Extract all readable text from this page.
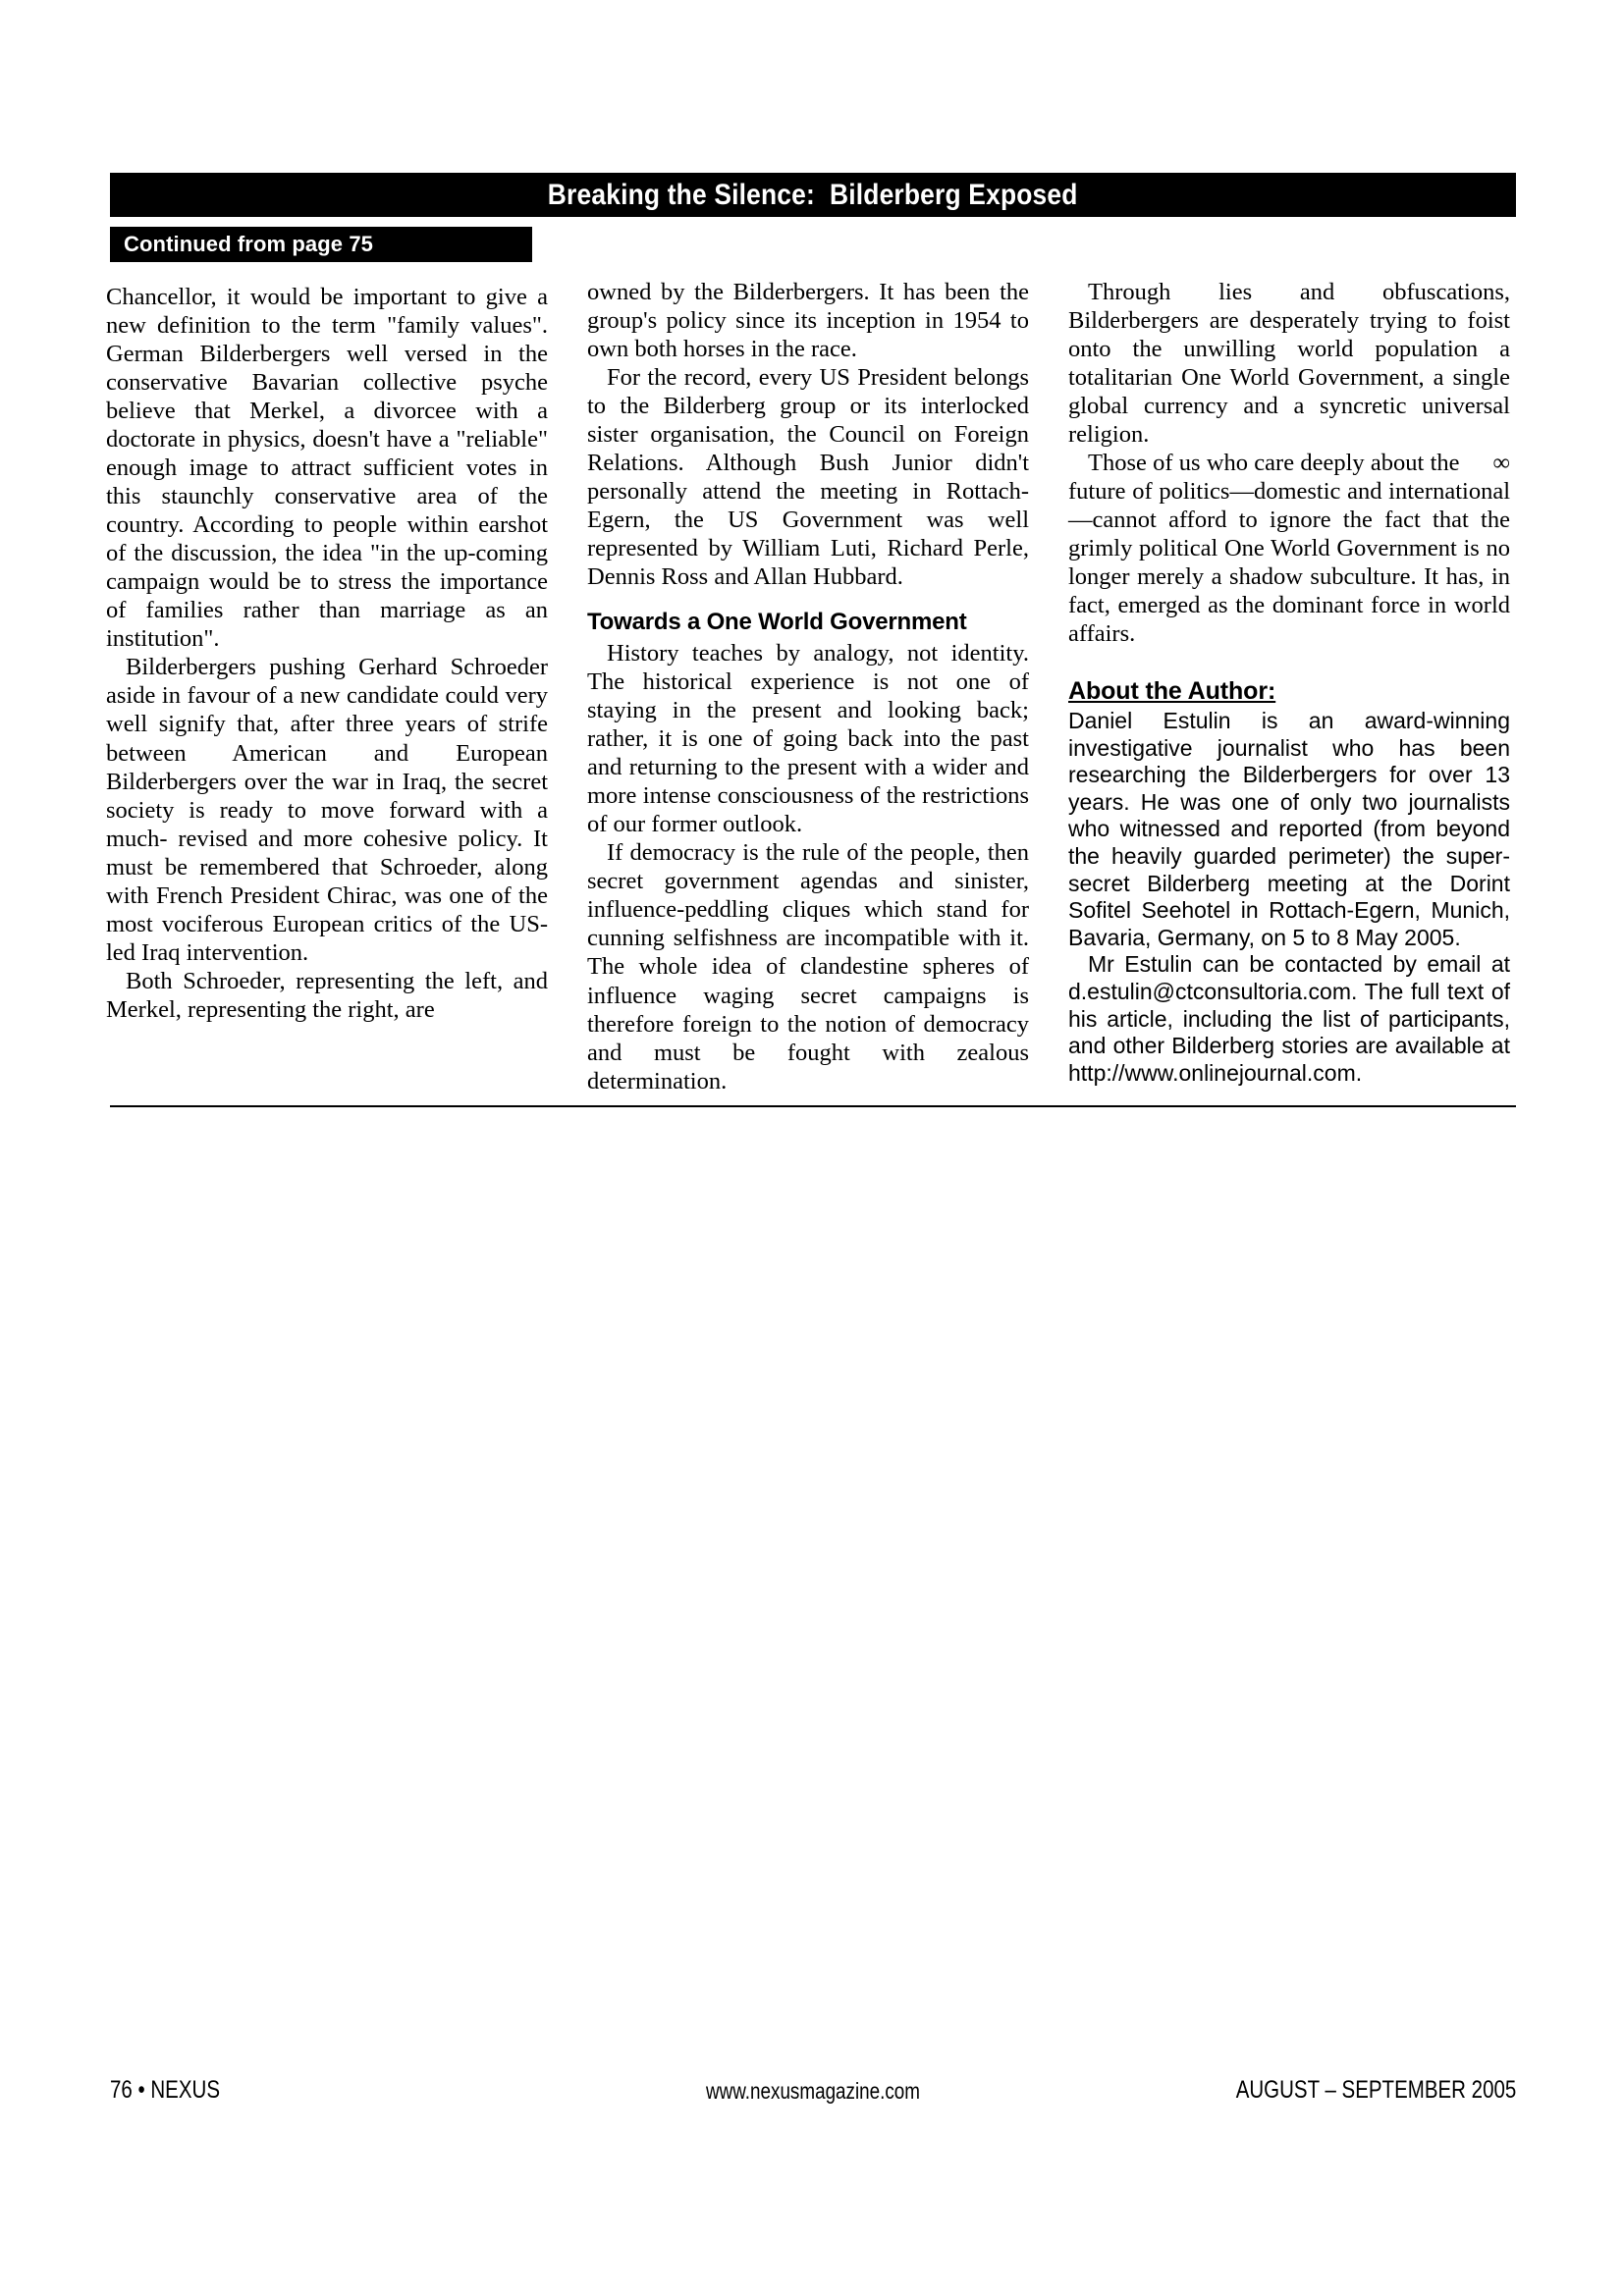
Breaking the Silence:  Bilderberg Exposed
Continued from page 75

Chancellor, it would be important to give a new definition to the term "family values". German Bilderbergers well versed in the conservative Bavarian collective psyche believe that Merkel, a divorcee with a doctorate in physics, doesn't have a "reliable" enough image to attract sufficient votes in this staunchly conservative area of the country. According to people within earshot of the discussion, the idea "in the up-coming campaign would be to stress the importance of families rather than marriage as an institution".

Bilderbergers pushing Gerhard Schroeder aside in favour of a new candidate could very well signify that, after three years of strife between American and European Bilderbergers over the war in Iraq, the secret society is ready to move forward with a much- revised and more cohesive policy. It must be remembered that Schroeder, along with French President Chirac, was one of the most vociferous European critics of the US-led Iraq intervention.

Both Schroeder, representing the left, and Merkel, representing the right, are

owned by the Bilderbergers. It has been the group's policy since its inception in 1954 to own both horses in the race.

For the record, every US President belongs to the Bilderberg group or its interlocked sister organisation, the Council on Foreign Relations. Although Bush Junior didn't personally attend the meeting in Rottach-Egern, the US Government was well represented by William Luti, Richard Perle, Dennis Ross and Allan Hubbard.

Towards a One World Government

History teaches by analogy, not identity. The historical experience is not one of staying in the present and looking back; rather, it is one of going back into the past and returning to the present with a wider and more intense consciousness of the restrictions of our former outlook.

If democracy is the rule of the people, then secret government agendas and sinister, influence-peddling cliques which stand for cunning selfishness are incompatible with it. The whole idea of clandestine spheres of influence waging secret campaigns is therefore foreign to the notion of democracy and must be fought with zealous determination.

Through lies and obfuscations, Bilderbergers are desperately trying to foist onto the unwilling world population a totalitarian One World Government, a single global currency and a syncretic universal religion.

∞
Those of us who care deeply about the future of politics—domestic and international—cannot afford to ignore the fact that the grimly political One World Government is no longer merely a shadow subculture. It has, in fact, emerged as the dominant force in world affairs.

About the Author:

Daniel Estulin is an award-winning investigative journalist who has been researching the Bilderbergers for over 13 years. He was one of only two journalists who witnessed and reported (from beyond the heavily guarded perimeter) the super-secret Bilderberg meeting at the Dorint Sofitel Seehotel in Rottach-Egern, Munich, Bavaria, Germany, on 5 to 8 May 2005.

Mr Estulin can be contacted by email at d.estulin@ctconsultoria.com. The full text of his article, including the list of participants, and other Bilderberg stories are available at http://www.onlinejournal.com.

76 • NEXUS	www.nexusmagazine.com	AUGUST – SEPTEMBER 2005
